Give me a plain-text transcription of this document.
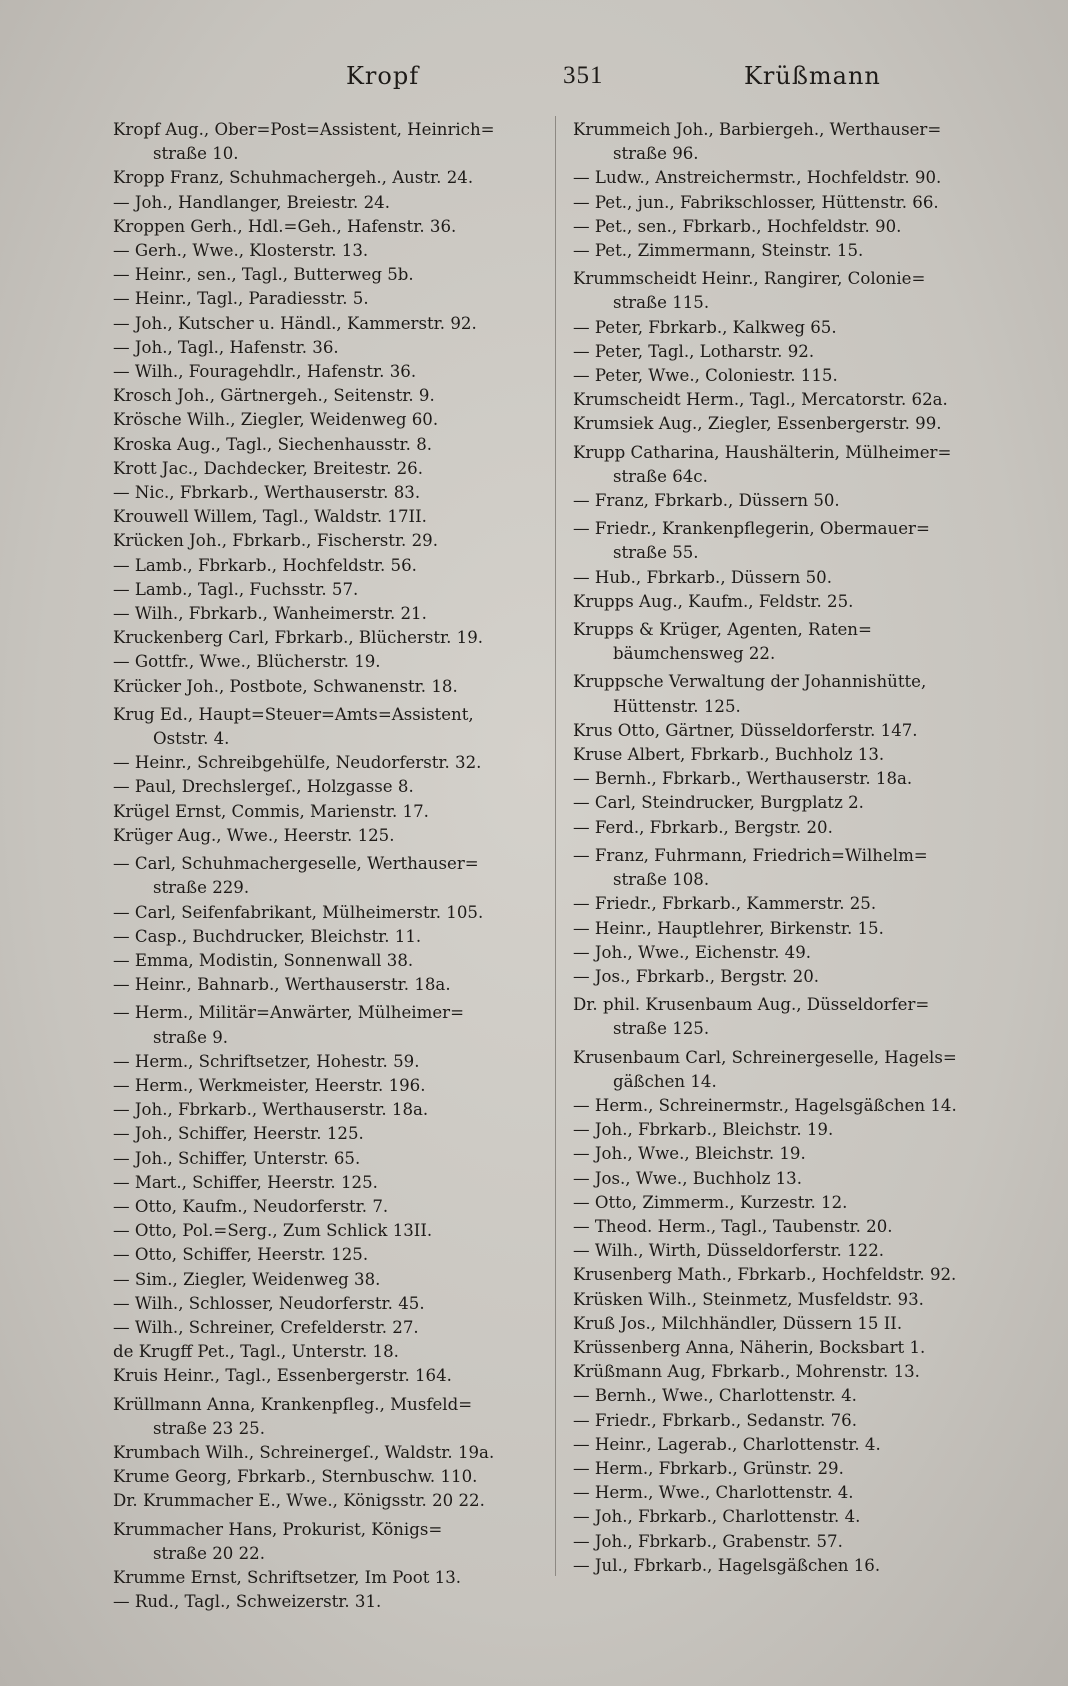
Kropf	351	Krüßmann

Kropf Aug., Ober=Post=Assistent, Heinrich=

straße 10.

Kropp Franz, Schuhmachergeh., Austr. 24.

— Joh., Handlanger, Breiestr. 24.

Kroppen Gerh., Hdl.=Geh., Hafenstr. 36.

— Gerh., Wwe., Klosterstr. 13.

— Heinr., sen., Tagl., Butterweg 5b.

— Heinr., Tagl., Paradiesstr. 5.

— Joh., Kutscher u. Händl., Kammerstr. 92.

— Joh., Tagl., Hafenstr. 36.

— Wilh., Fouragehdlr., Hafenstr. 36.

Krosch Joh., Gärtnergeh., Seitenstr. 9.

Kröschе Wilh., Ziegler, Weidenweg 60.

Kroska Aug., Tagl., Siechenhausstr. 8.

Krott Jac., Dachdecker, Breitestr. 26.

— Nic., Fbrkarb., Werthauserstr. 83.

Krouwell Willem, Tagl., Waldstr. 17II.

Krücken Joh., Fbrkarb., Fischerstr. 29.

— Lamb., Fbrkarb., Hochfeldstr. 56.

— Lamb., Tagl., Fuchsstr. 57.

— Wilh., Fbrkarb., Wanheimerstr. 21.

Kruckenberg Carl, Fbrkarb., Blücherstr. 19.

— Gottfr., Wwe., Blücherstr. 19.

Krücker Joh., Postbote, Schwanenstr. 18.

Krug Ed., Haupt=Steuer=Amts=Assistent,

Oststr. 4.

— Heinr., Schreibgehülfe, Neudorferstr. 32.

— Paul, Drechslergeſ., Holzgasse 8.

Krügel Ernst, Commis, Marienstr. 17.

Krüger Aug., Wwe., Heerstr. 125.

— Carl, Schuhmachergeselle, Werthauser=

straße 229.

— Carl, Seifenfabrikant, Mülheimerstr. 105.

— Casp., Buchdrucker, Bleichstr. 11.

— Emma, Modistin, Sonnenwall 38.

— Heinr., Bahnarb., Werthauserstr. 18a.

— Herm., Militär=Anwärter, Mülheimer=

straße 9.

— Herm., Schriftsetzer, Hohestr. 59.

— Herm., Werkmeister, Heerstr. 196.

— Joh., Fbrkarb., Werthauserstr. 18a.

— Joh., Schiffer, Heerstr. 125.

— Joh., Schiffer, Unterstr. 65.

— Mart., Schiffer, Heerstr. 125.

— Otto, Kaufm., Neudorferstr. 7.

— Otto, Pol.=Serg., Zum Schlick 13II.

— Otto, Schiffer, Heerstr. 125.

— Sim., Ziegler, Weidenweg 38.

— Wilh., Schlosser, Neudorferstr. 45.

— Wilh., Schreiner, Crefelderstr. 27.

de Krugff Pet., Tagl., Unterstr. 18.

Kruis Heinr., Tagl., Essenbergerstr. 164.

Krüllmann Anna, Krankenpfleg., Musfeld=

straße 23 25.

Krumbach Wilh., Schreinergeſ., Waldstr. 19a.

Krume Georg, Fbrkarb., Sternbuschw. 110.

Dr. Krummacher E., Wwe., Königsstr. 20 22.

Krummacher Hans, Prokurist, Königs=

straße 20 22.

Krumme Ernst, Schriftsetzer, Im Poot 13.

— Rud., Tagl., Schweizerstr. 31.

Krummeich Joh., Barbiergeh., Werthauser=

straße 96.

— Ludw., Anstreichermstr., Hochfeldstr. 90.

— Pet., jun., Fabrikschlosser, Hüttenstr. 66.

— Pet., sen., Fbrkarb., Hochfeldstr. 90.

— Pet., Zimmermann, Steinstr. 15.

Krummscheidt Heinr., Rangirer, Colonie=

straße 115.

— Peter, Fbrkarb., Kalkweg 65.

— Peter, Tagl., Lotharstr. 92.

— Peter, Wwe., Coloniestr. 115.

Krumscheidt Herm., Tagl., Mercatorstr. 62a.

Krumsiek Aug., Ziegler, Essenbergerstr. 99.

Krupp Catharina, Haushälterin, Mülheimer=

straße 64c.

— Franz, Fbrkarb., Düssern 50.

— Friedr., Krankenpflegerin, Obermauer=

straße 55.

— Hub., Fbrkarb., Düssern 50.

Krupps Aug., Kaufm., Feldstr. 25.

Krupps & Krüger, Agenten, Raten=

bäumchensweg 22.

Kruppsche Verwaltung der Johannishütte,

Hüttenstr. 125.

Krus Otto, Gärtner, Düsseldorferstr. 147.

Kruse Albert, Fbrkarb., Buchholz 13.

— Bernh., Fbrkarb., Werthauserstr. 18a.

— Carl, Steindrucker, Burgplatz 2.

— Ferd., Fbrkarb., Bergstr. 20.

— Franz, Fuhrmann, Friedrich=Wilhelm=

straße 108.

— Friedr., Fbrkarb., Kammerstr. 25.

— Heinr., Hauptlehrer, Birkenstr. 15.

— Joh., Wwe., Eichenstr. 49.

— Jos., Fbrkarb., Bergstr. 20.

Dr. phil. Krusenbaum Aug., Düsseldorfer=

straße 125.

Krusenbaum Carl, Schreinergeselle, Hagels=

gäßchen 14.

— Herm., Schreinermstr., Hagelsgäßchen 14.

— Joh., Fbrkarb., Bleichstr. 19.

— Joh., Wwe., Bleichstr. 19.

— Jos., Wwe., Buchholz 13.

— Otto, Zimmerm., Kurzestr. 12.

— Theod. Herm., Tagl., Taubenstr. 20.

— Wilh., Wirth, Düsseldorferstr. 122.

Krusenberg Math., Fbrkarb., Hochfeldstr. 92.

Krüsken Wilh., Steinmetz, Musfeldstr. 93.

Kruß Jos., Milchhändler, Düssern 15 II.

Krüssenberg Anna, Näherin, Bocksbart 1.

Krüßmann Aug, Fbrkarb., Mohrenstr. 13.

— Bernh., Wwe., Charlottenstr. 4.

— Friedr., Fbrkarb., Sedanstr. 76.

— Heinr., Lagerab., Charlottenstr. 4.

— Herm., Fbrkarb., Grünstr. 29.

— Herm., Wwe., Charlottenstr. 4.

— Joh., Fbrkarb., Charlottenstr. 4.

— Joh., Fbrkarb., Grabenstr. 57.

— Jul., Fbrkarb., Hagelsgäßchen 16.
